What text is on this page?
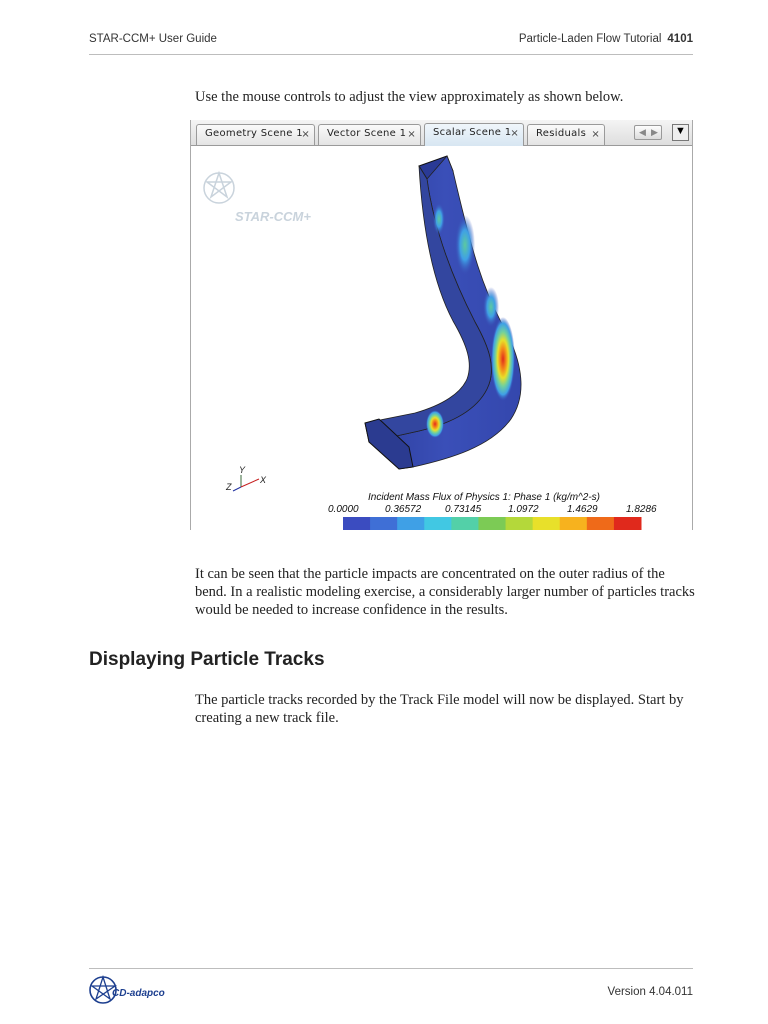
STAR-CCM+ User Guide	Particle-Laden Flow Tutorial 4101

Use the mouse controls to adjust the view approximately as shown below.

Geometry Scene 1
×	Vector Scene 1 ×	Scalar Scene 1
×	Residuals ×	◀ ▶ ▼
Y
Z
X
STAR-CCM+
Incident Mass Flux of Physics 1: Phase 1 (kg/m^2-s)
0.0000	0.36572 0.73145	1.0972	1.4629	1.8286

It can be seen that the particle impacts are concentrated on the outer radius of the bend. In a realistic modeling exercise, a considerably larger number of particles tracks would be needed to increase confidence in the results.

Displaying Particle Tracks

The particle tracks recorded by the Track File model will now be displayed. Start by creating a new track file.

CD-adapco	Version 4.04.011
